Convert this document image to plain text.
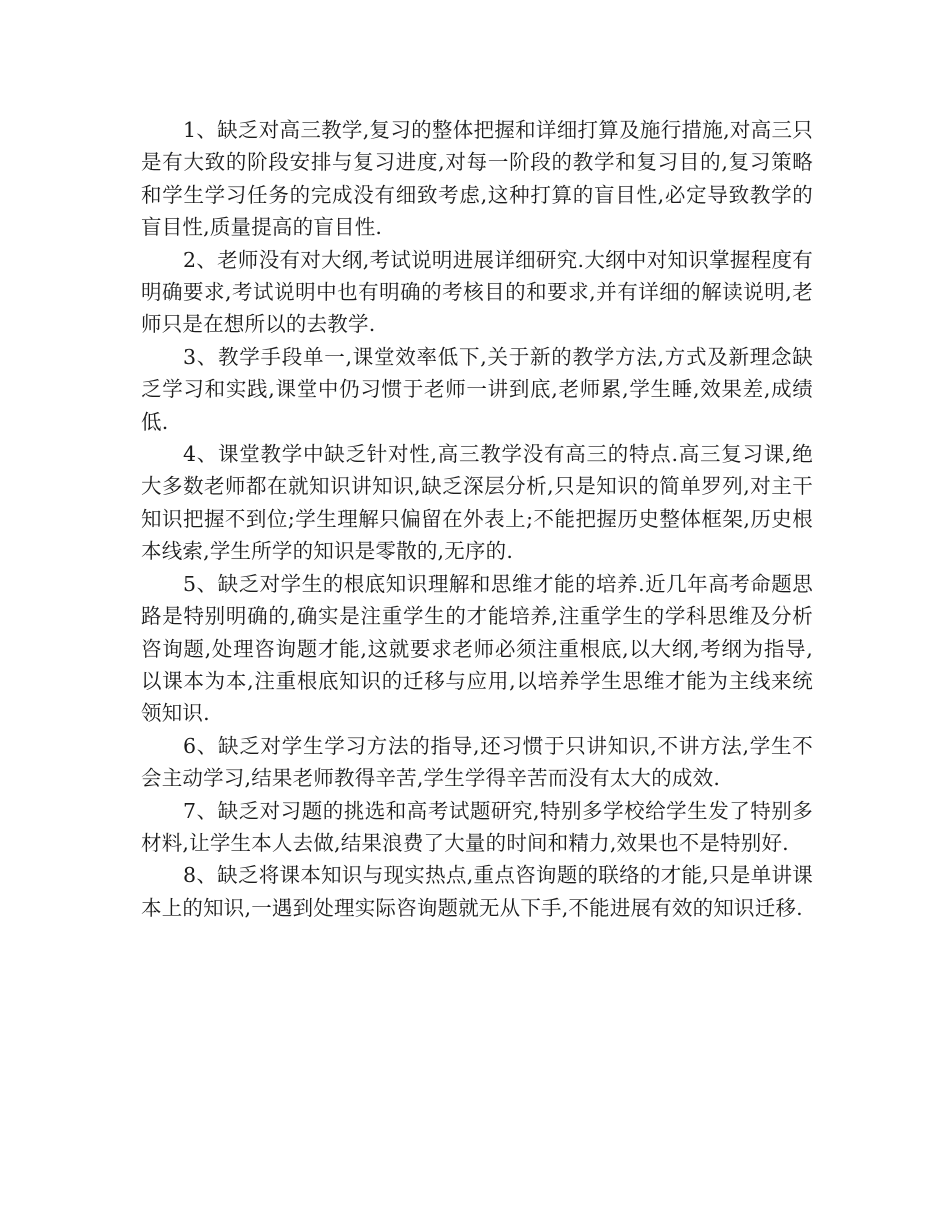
1、缺乏对高三教学,复习的整体把握和详细打算及施行措施,对高三只是有大致的阶段安排与复习进度,对每一阶段的教学和复习目的,复习策略和学生学习任务的完成没有细致考虑,这种打算的盲目性,必定导致教学的盲目性,质量提高的盲目性.

2、老师没有对大纲,考试说明进展详细研究.大纲中对知识掌握程度有明确要求,考试说明中也有明确的考核目的和要求,并有详细的解读说明,老师只是在想所以的去教学.

3、教学手段单一,课堂效率低下,关于新的教学方法,方式及新理念缺乏学习和实践,课堂中仍习惯于老师一讲到底,老师累,学生睡,效果差,成绩低.

4、课堂教学中缺乏针对性,高三教学没有高三的特点.高三复习课,绝大多数老师都在就知识讲知识,缺乏深层分析,只是知识的简单罗列,对主干知识把握不到位;学生理解只偏留在外表上;不能把握历史整体框架,历史根本线索,学生所学的知识是零散的,无序的.

5、缺乏对学生的根底知识理解和思维才能的培养.近几年高考命题思路是特别明确的,确实是注重学生的才能培养,注重学生的学科思维及分析咨询题,处理咨询题才能,这就要求老师必须注重根底,以大纲,考纲为指导,以课本为本,注重根底知识的迁移与应用,以培养学生思维才能为主线来统领知识.

6、缺乏对学生学习方法的指导,还习惯于只讲知识,不讲方法,学生不会主动学习,结果老师教得辛苦,学生学得辛苦而没有太大的成效.

7、缺乏对习题的挑选和高考试题研究,特别多学校给学生发了特别多材料,让学生本人去做,结果浪费了大量的时间和精力,效果也不是特别好.

8、缺乏将课本知识与现实热点,重点咨询题的联络的才能,只是单讲课本上的知识,一遇到处理实际咨询题就无从下手,不能进展有效的知识迁移.
